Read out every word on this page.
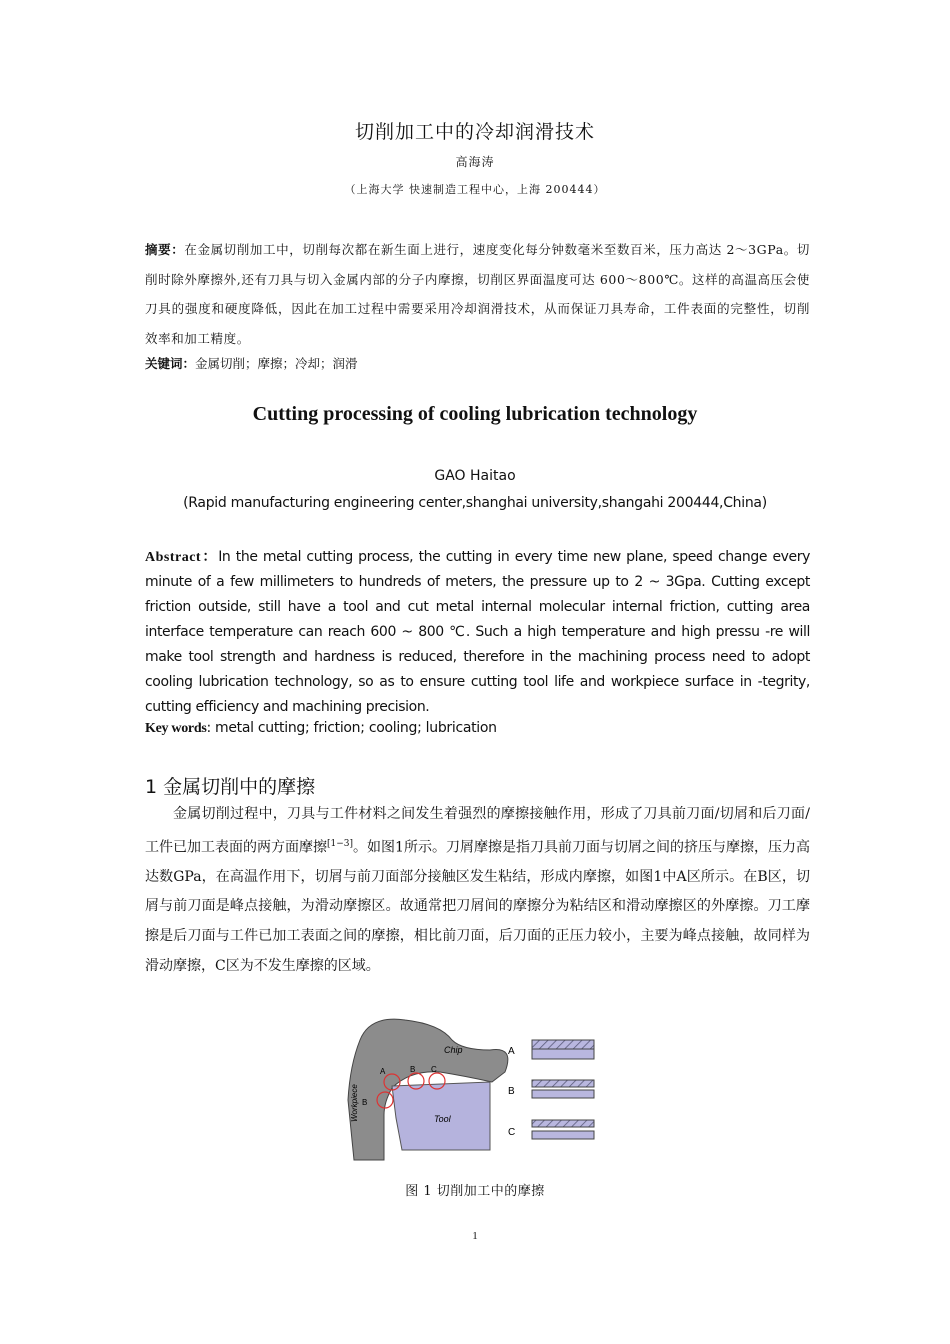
切削加工中的冷却润滑技术
高海涛
（上海大学 快速制造工程中心，上海 200444）
摘要：在金属切削加工中，切削每次都在新生面上进行，速度变化每分钟数毫米至数百米，压力高达 2～3GPa。切削时除外摩擦外,还有刀具与切入金属内部的分子内摩擦，切削区界面温度可达 600～800℃。这样的高温高压会使刀具的强度和硬度降低，因此在加工过程中需要采用冷却润滑技术，从而保证刀具寿命，工件表面的完整性，切削效率和加工精度。
关键词：金属切削；摩擦；冷却；润滑
Cutting processing of cooling lubrication technology
GAO Haitao
(Rapid manufacturing engineering center,shanghai university,shangahi 200444,China)
Abstract：In the metal cutting process, the cutting in every time new plane, speed change every minute of a few millimeters to hundreds of meters, the pressure up to 2 ~ 3Gpa. Cutting except friction outside, still have a tool and cut metal internal molecular internal friction, cutting area interface temperature can reach 600 ~ 800 ℃. Such a high temperature and high pressu -re will make tool strength and hardness is reduced, therefore in the machining process need to adopt cooling lubrication technology, so as to ensure cutting tool life and workpiece surface in -tegrity, cutting efficiency and machining precision.
Key words: metal cutting; friction; cooling; lubrication
1 金属切削中的摩擦

金属切削过程中，刀具与工件材料之间发生着强烈的摩擦接触作用，形成了刀具前刀面/切屑和后刀面/工件已加工表面的两方面摩擦[1−3]。如图1所示。刀屑摩擦是指刀具前刀面与切屑之间的挤压与摩擦，压力高达数GPa，在高温作用下，切屑与前刀面部分接触区发生粘结，形成内摩擦，如图1中A区所示。在B区，切屑与前刀面是峰点接触，为滑动摩擦区。故通常把刀屑间的摩擦分为粘结区和滑动摩擦区的外摩擦。刀工摩擦是后刀面与工件已加工表面之间的摩擦，相比前刀面，后刀面的正压力较小，主要为峰点接触，故同样为滑动摩擦，C区为不发生摩擦的区域。

Chip
Workpiece	Tool
A	B C
B
A
B
C
图 1 切削加工中的摩擦
1
